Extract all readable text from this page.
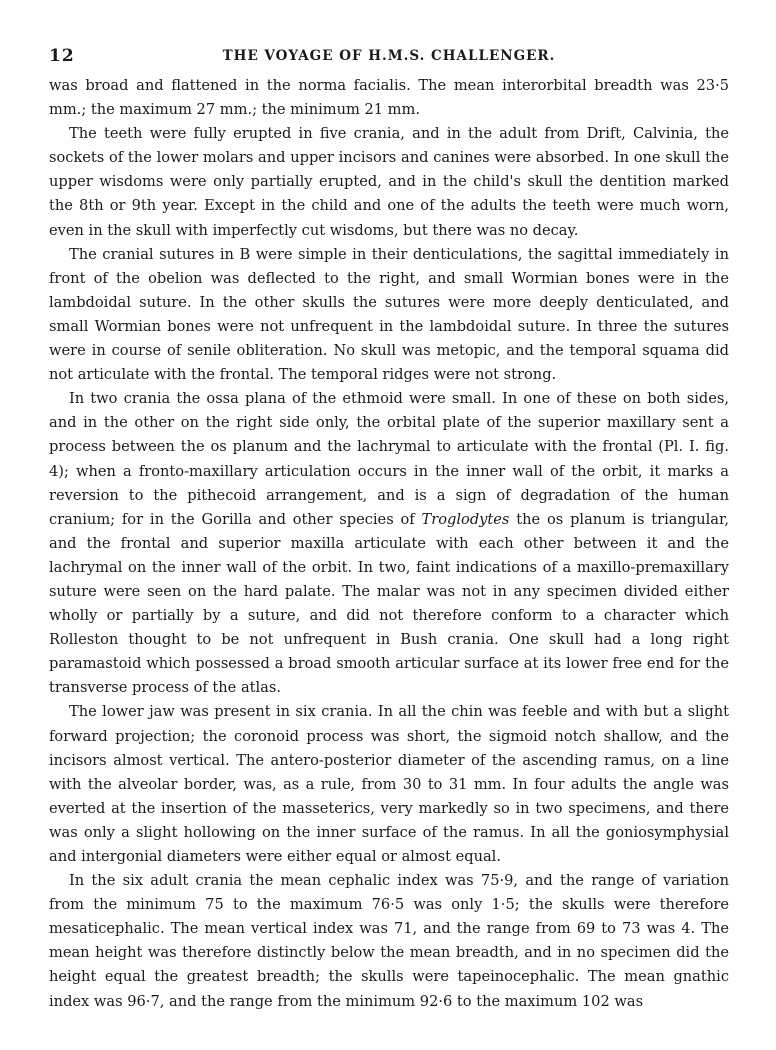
12	THE VOYAGE OF H.M.S. CHALLENGER.

was broad and flattened in the norma facialis. The mean interorbital breadth was 23·5 mm.; the maximum 27 mm.; the minimum 21 mm.

The teeth were fully erupted in five crania, and in the adult from Drift, Calvinia, the sockets of the lower molars and upper incisors and canines were absorbed. In one skull the upper wisdoms were only partially erupted, and in the child's skull the dentition marked the 8th or 9th year. Except in the child and one of the adults the teeth were much worn, even in the skull with imperfectly cut wisdoms, but there was no decay.

The cranial sutures in B were simple in their denticulations, the sagittal immediately in front of the obelion was deflected to the right, and small Wormian bones were in the lambdoidal suture. In the other skulls the sutures were more deeply denticulated, and small Wormian bones were not unfrequent in the lambdoidal suture. In three the sutures were in course of senile obliteration. No skull was metopic, and the temporal squama did not articulate with the frontal. The temporal ridges were not strong.

In two crania the ossa plana of the ethmoid were small. In one of these on both sides, and in the other on the right side only, the orbital plate of the superior maxillary sent a process between the os planum and the lachrymal to articulate with the frontal (Pl. I. fig. 4); when a fronto-maxillary articulation occurs in the inner wall of the orbit, it marks a reversion to the pithecoid arrangement, and is a sign of degradation of the human cranium; for in the Gorilla and other species of Troglodytes the os planum is triangular, and the frontal and superior maxilla articulate with each other between it and the lachrymal on the inner wall of the orbit. In two, faint indications of a maxillo-premaxillary suture were seen on the hard palate. The malar was not in any specimen divided either wholly or partially by a suture, and did not therefore conform to a character which Rolleston thought to be not unfrequent in Bush crania. One skull had a long right paramastoid which possessed a broad smooth articular surface at its lower free end for the transverse process of the atlas.

The lower jaw was present in six crania. In all the chin was feeble and with but a slight forward projection; the coronoid process was short, the sigmoid notch shallow, and the incisors almost vertical. The antero-posterior diameter of the ascending ramus, on a line with the alveolar border, was, as a rule, from 30 to 31 mm. In four adults the angle was everted at the insertion of the masseterics, very markedly so in two specimens, and there was only a slight hollowing on the inner surface of the ramus. In all the goniosymphysial and intergonial diameters were either equal or almost equal.

In the six adult crania the mean cephalic index was 75·9, and the range of variation from the minimum 75 to the maximum 76·5 was only 1·5; the skulls were therefore mesaticephalic. The mean vertical index was 71, and the range from 69 to 73 was 4. The mean height was therefore distinctly below the mean breadth, and in no specimen did the height equal the greatest breadth; the skulls were tapeinocephalic. The mean gnathic index was 96·7, and the range from the minimum 92·6 to the maximum 102 was
